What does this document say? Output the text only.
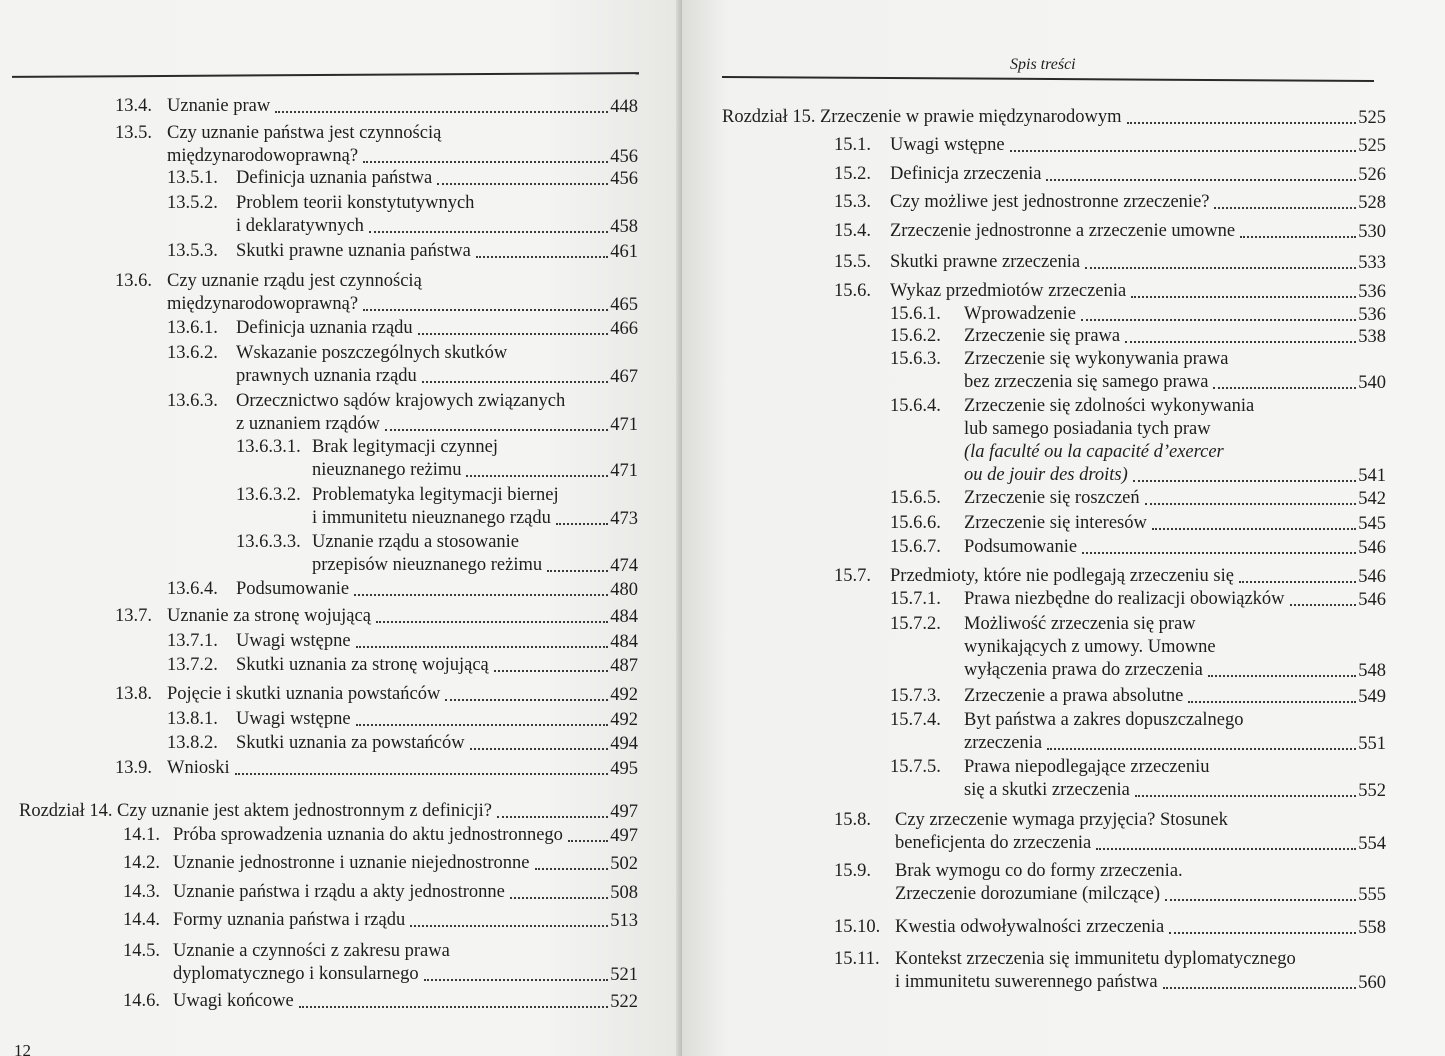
13.4. Uznanie praw	448
13.5. Czy uznanie państwa jest czynnością
międzynarodowoprawną?	456
13.5.1. Definicja uznania państwa	456
13.5.2. Problem teorii konstytutywnych
i deklaratywnych	458
13.5.3. Skutki prawne uznania państwa	461
13.6. Czy uznanie rządu jest czynnością
międzynarodowoprawną?	465
13.6.1. Definicja uznania rządu	466
13.6.2. Wskazanie poszczególnych skutków
prawnych uznania rządu	467
13.6.3. Orzecznictwo sądów krajowych związanych
z uznaniem rządów	471
13.6.3.1. Brak legitymacji czynnej
nieuznanego reżimu	471
13.6.3.2. Problematyka legitymacji biernej
i immunitetu nieuznanego rządu	473
13.6.3.3. Uznanie rządu a stosowanie
przepisów nieuznanego reżimu	474
13.6.4. Podsumowanie	480
13.7. Uznanie za stronę wojującą	484
13.7.1. Uwagi wstępne	484
13.7.2. Skutki uznania za stronę wojującą	487
13.8. Pojęcie i skutki uznania powstańców	492
13.8.1. Uwagi wstępne	492
13.8.2. Skutki uznania za powstańców	494
13.9. Wnioski	495
Rozdział 14. Czy uznanie jest aktem jednostronnym z definicji?	497
14.1. Próba sprowadzenia uznania do aktu jednostronnego	497
14.2. Uznanie jednostronne i uznanie niejednostronne	502
14.3. Uznanie państwa i rządu a akty jednostronne	508
14.4. Formy uznania państwa i rządu	513
14.5. Uznanie a czynności z zakresu prawa
dyplomatycznego i konsularnego	521
14.6. Uwagi końcowe	522
12
Spis treści
Rozdział 15. Zrzeczenie w prawie międzynarodowym	525
15.1. Uwagi wstępne	525
15.2. Definicja zrzeczenia	526
15.3. Czy możliwe jest jednostronne zrzeczenie?	528
15.4. Zrzeczenie jednostronne a zrzeczenie umowne	530
15.5. Skutki prawne zrzeczenia	533
15.6. Wykaz przedmiotów zrzeczenia	536
15.6.1. Wprowadzenie	536
15.6.2. Zrzeczenie się prawa	538
15.6.3. Zrzeczenie się wykonywania prawa
bez zrzeczenia się samego prawa	540
15.6.4. Zrzeczenie się zdolności wykonywania
lub samego posiadania tych praw
(la faculté ou la capacité d’exercer
ou de jouir des droits)	541
15.6.5. Zrzeczenie się roszczeń	542
15.6.6. Zrzeczenie się interesów	545
15.6.7. Podsumowanie	546
15.7. Przedmioty, które nie podlegają zrzeczeniu się	546
15.7.1. Prawa niezbędne do realizacji obowiązków	546
15.7.2. Możliwość zrzeczenia się praw
wynikających z umowy. Umowne
wyłączenia prawa do zrzeczenia	548
15.7.3. Zrzeczenie a prawa absolutne	549
15.7.4. Byt państwa a zakres dopuszczalnego
zrzeczenia	551
15.7.5. Prawa niepodlegające zrzeczeniu
się a skutki zrzeczenia	552
15.8. Czy zrzeczenie wymaga przyjęcia? Stosunek
beneficjenta do zrzeczenia	554
15.9. Brak wymogu co do formy zrzeczenia.
Zrzeczenie dorozumiane (milczące)	555
15.10. Kwestia odwoływalności zrzeczenia	558
15.11. Kontekst zrzeczenia się immunitetu dyplomatycznego
i immunitetu suwerennego państwa	560
